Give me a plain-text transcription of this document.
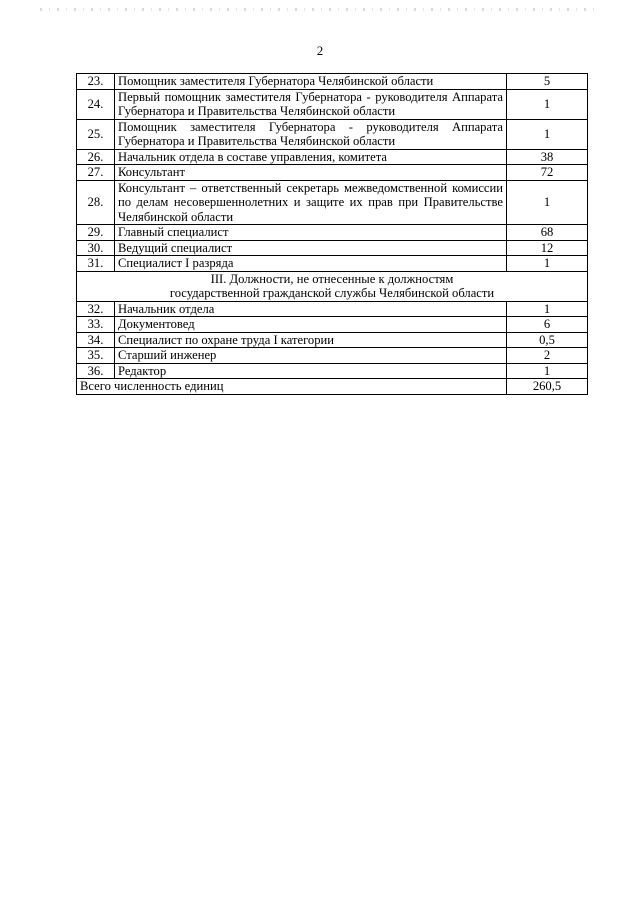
2
23.	Помощник заместителя Губернатора Челябинской области	5
24.	Первый помощник заместителя Губернатора - руководителя Аппарата Губернатора и Правительства Челябинской области	1
25.	Помощник заместителя Губернатора - руководителя Аппарата Губернатора и Правительства Челябинской области	1
26.	Начальник отдела в составе управления, комитета	38
27.	Консультант	72
28.	Консультант – ответственный секретарь межведомственной комиссии по делам несовершеннолетних и защите их прав при Правительстве Челябинской области	1
29.	Главный специалист	68
30.	Ведущий специалист	12
31.	Специалист I разряда	1

III. Должности, не отнесенные к должностям
государственной гражданской службы Челябинской области		

32.	Начальник отдела	1
33.	Документовед	6
34.	Специалист по охране труда I категории	0,5
35.	Старший инженер	2
36.	Редактор	1
Всего численность единиц		260,5
